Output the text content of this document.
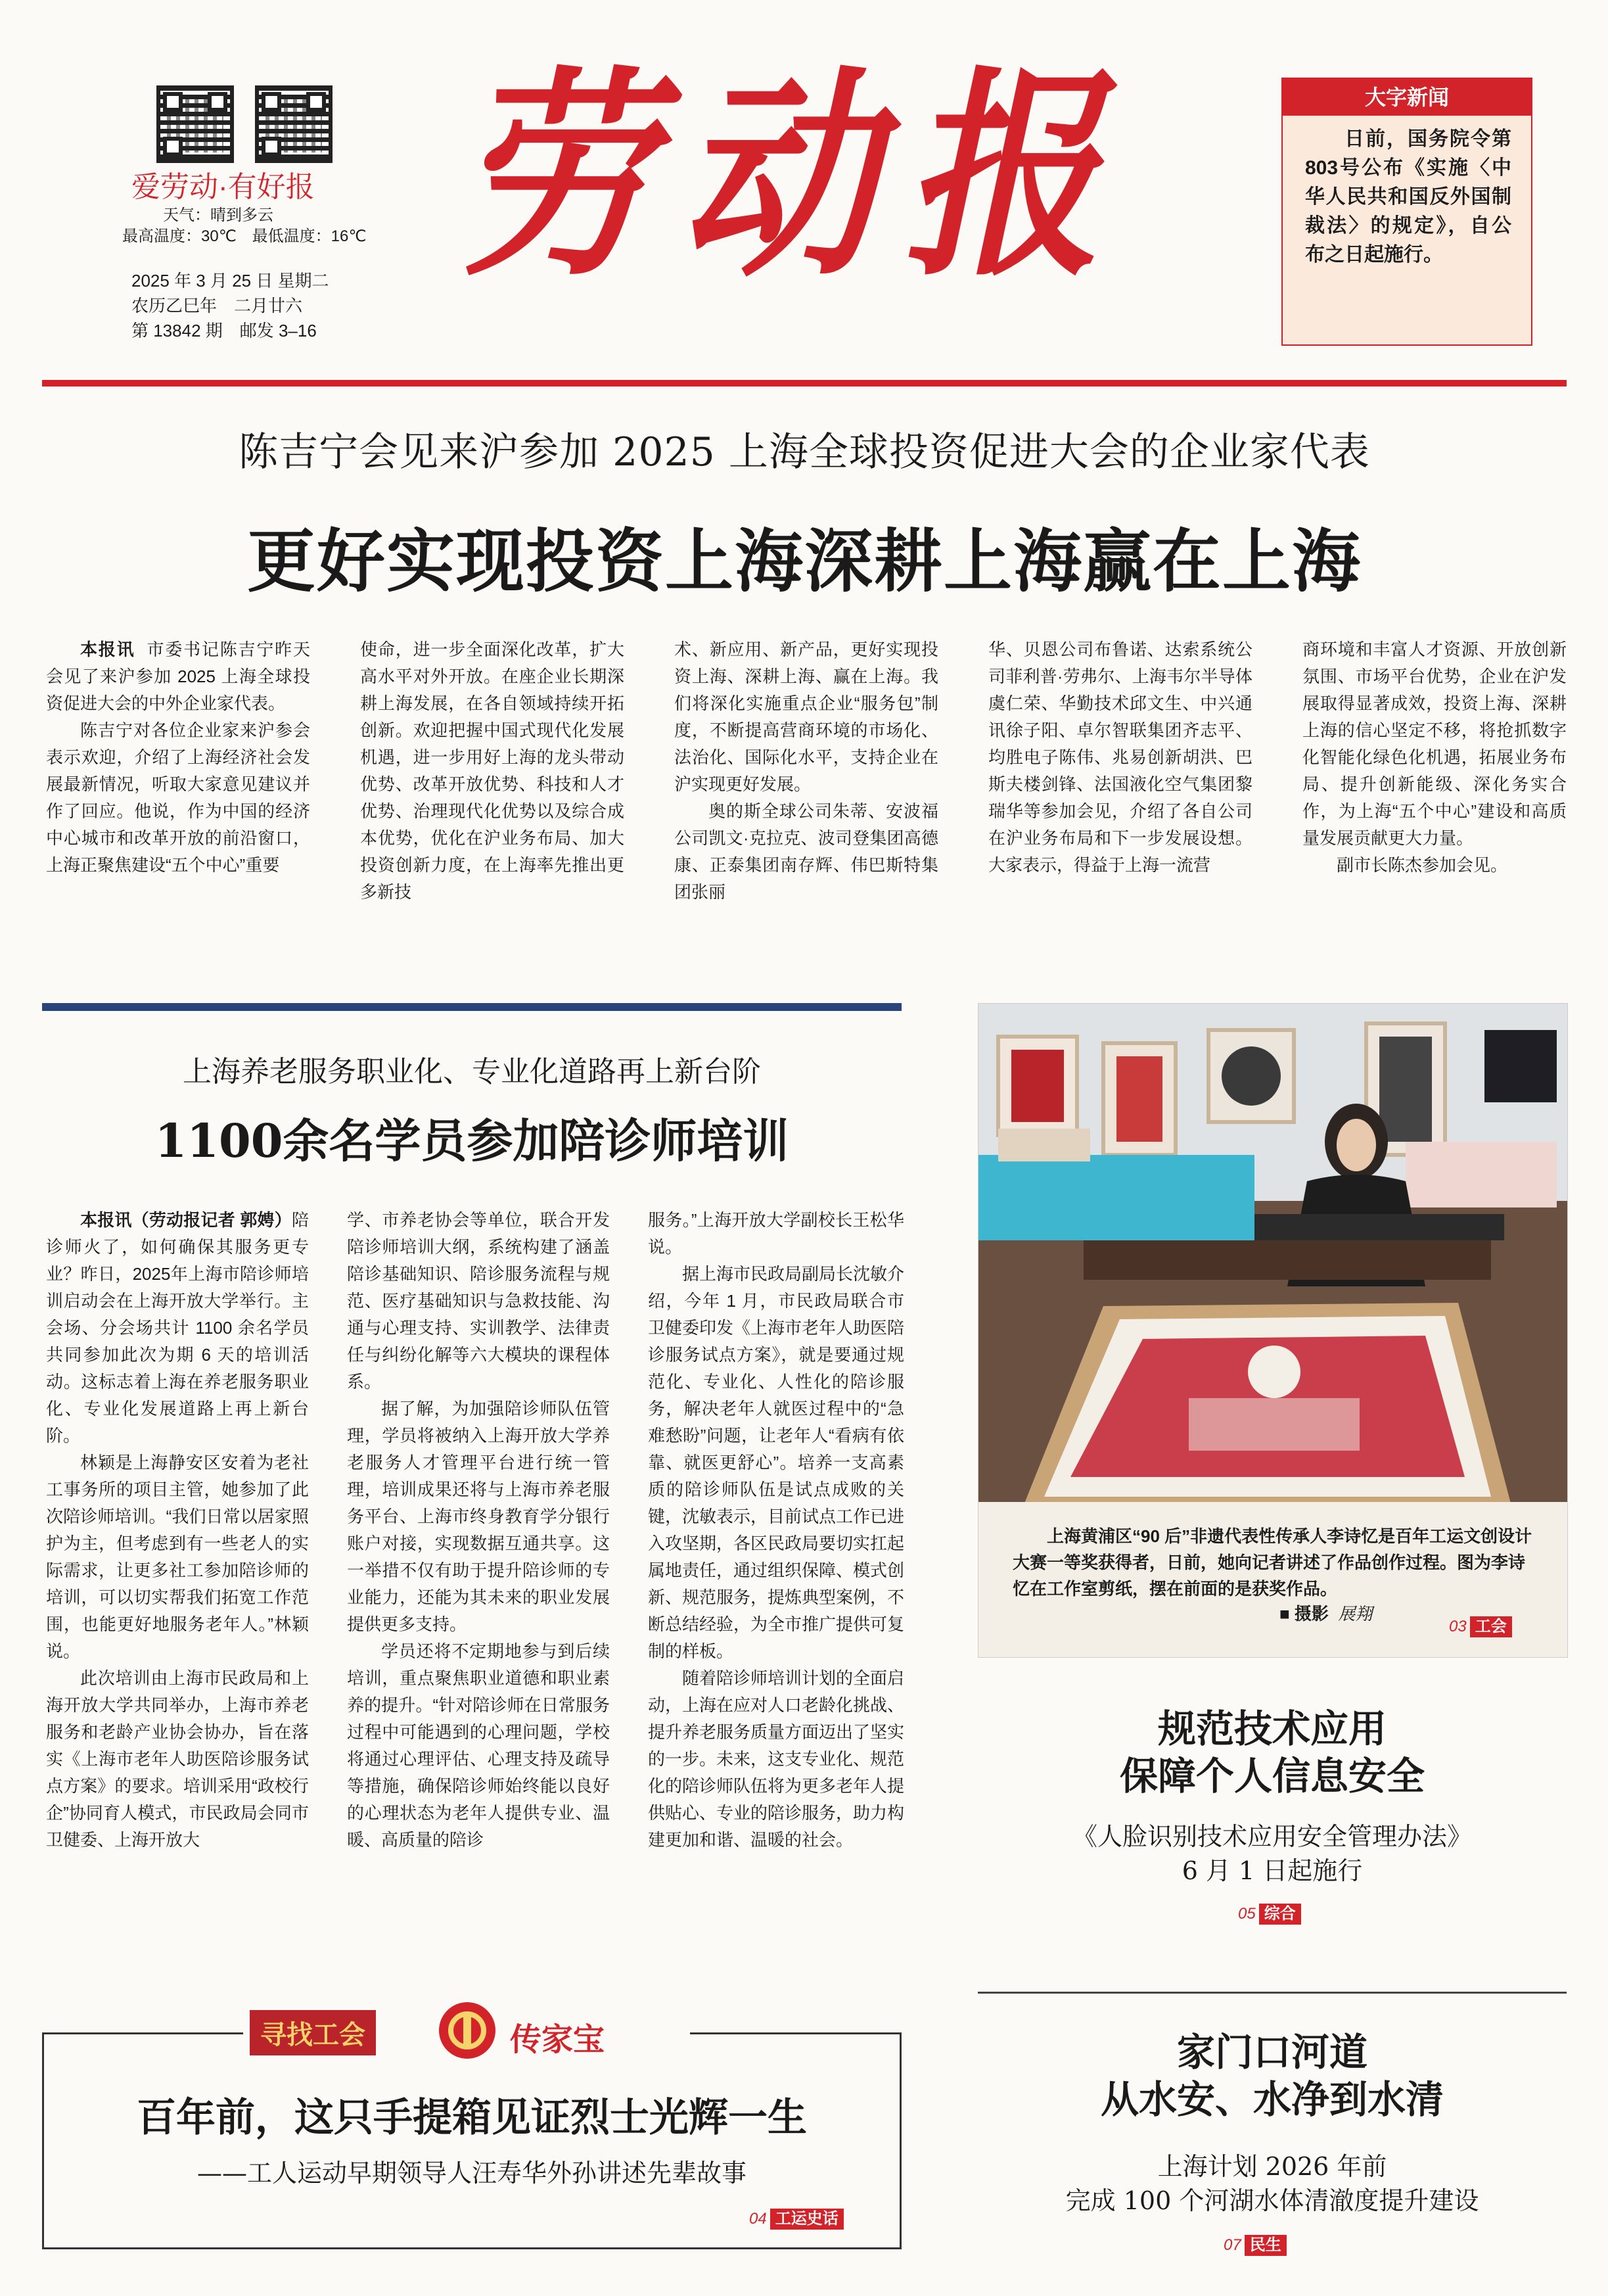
爱劳动·有好报
天气：晴到多云
最高温度：30℃　最低温度：16℃
2025 年 3 月 25 日 星期二
农历乙巳年　二月廿六
第 13842 期　邮发 3–16
劳动报	大字新闻
日前，国务院令第803号公布《实施〈中华人民共和国反外国制裁法〉的规定》，自公布之日起施行。
陈吉宁会见来沪参加 2025 上海全球投资促进大会的企业家代表
更好实现投资上海深耕上海赢在上海

本报讯 市委书记陈吉宁昨天会见了来沪参加 2025 上海全球投资促进大会的中外企业家代表。

陈吉宁对各位企业家来沪参会表示欢迎，介绍了上海经济社会发展最新情况，听取大家意见建议并作了回应。他说，作为中国的经济中心城市和改革开放的前沿窗口，上海正聚焦建设“五个中心”重要

使命，进一步全面深化改革，扩大高水平对外开放。在座企业长期深耕上海发展，在各自领域持续开拓创新。欢迎把握中国式现代化发展机遇，进一步用好上海的龙头带动优势、改革开放优势、科技和人才优势、治理现代化优势以及综合成本优势，优化在沪业务布局、加大投资创新力度，在上海率先推出更多新技

术、新应用、新产品，更好实现投资上海、深耕上海、赢在上海。我们将深化实施重点企业“服务包”制度，不断提高营商环境的市场化、法治化、国际化水平，支持企业在沪实现更好发展。

奥的斯全球公司朱蒂、安波福公司凯文·克拉克、波司登集团高德康、正泰集团南存辉、伟巴斯特集团张丽

华、贝恩公司布鲁诺、达索系统公司菲利普·劳弗尔、上海韦尔半导体虞仁荣、华勤技术邱文生、中兴通讯徐子阳、卓尔智联集团齐志平、均胜电子陈伟、兆易创新胡洪、巴斯夫楼剑锋、法国液化空气集团黎瑞华等参加会见，介绍了各自公司在沪业务布局和下一步发展设想。大家表示，得益于上海一流营

商环境和丰富人才资源、开放创新氛围、市场平台优势，企业在沪发展取得显著成效，投资上海、深耕上海的信心坚定不移，将抢抓数字化智能化绿色化机遇，拓展业务布局、提升创新能级、深化务实合作，为上海“五个中心”建设和高质量发展贡献更大力量。

副市长陈杰参加会见。

上海养老服务职业化、专业化道路再上新台阶
1100余名学员参加陪诊师培训

本报讯（劳动报记者 郭娉）陪诊师火了，如何确保其服务更专业？昨日，2025年上海市陪诊师培训启动会在上海开放大学举行。主会场、分会场共计 1100 余名学员共同参加此次为期 6 天的培训活动。这标志着上海在养老服务职业化、专业化发展道路上再上新台阶。

林颖是上海静安区安着为老社工事务所的项目主管，她参加了此次陪诊师培训。“我们日常以居家照护为主，但考虑到有一些老人的实际需求，让更多社工参加陪诊师的培训，可以切实帮我们拓宽工作范围，也能更好地服务老年人。”林颖说。

此次培训由上海市民政局和上海开放大学共同举办，上海市养老服务和老龄产业协会协办，旨在落实《上海市老年人助医陪诊服务试点方案》的要求。培训采用“政校行企”协同育人模式，市民政局会同市卫健委、上海开放大

学、市养老协会等单位，联合开发陪诊师培训大纲，系统构建了涵盖陪诊基础知识、陪诊服务流程与规范、医疗基础知识与急救技能、沟通与心理支持、实训教学、法律责任与纠纷化解等六大模块的课程体系。

据了解，为加强陪诊师队伍管理，学员将被纳入上海开放大学养老服务人才管理平台进行统一管理，培训成果还将与上海市养老服务平台、上海市终身教育学分银行账户对接，实现数据互通共享。这一举措不仅有助于提升陪诊师的专业能力，还能为其未来的职业发展提供更多支持。

学员还将不定期地参与到后续培训，重点聚焦职业道德和职业素养的提升。“针对陪诊师在日常服务过程中可能遇到的心理问题，学校将通过心理评估、心理支持及疏导等措施，确保陪诊师始终能以良好的心理状态为老年人提供专业、温暖、高质量的陪诊

服务。”上海开放大学副校长王松华说。

据上海市民政局副局长沈敏介绍，今年 1 月，市民政局联合市卫健委印发《上海市老年人助医陪诊服务试点方案》，就是要通过规范化、专业化、人性化的陪诊服务，解决老年人就医过程中的“急难愁盼”问题，让老年人“看病有依靠、就医更舒心”。培养一支高素质的陪诊师队伍是试点成败的关键，沈敏表示，目前试点工作已进入攻坚期，各区民政局要切实扛起属地责任，通过组织保障、模式创新、规范服务，提炼典型案例，不断总结经验，为全市推广提供可复制的样板。

随着陪诊师培训计划的全面启动，上海在应对人口老龄化挑战、提升养老服务质量方面迈出了坚实的一步。未来，这支专业化、规范化的陪诊师队伍将为更多老年人提供贴心、专业的陪诊服务，助力构建更加和谐、温暖的社会。

上海黄浦区“90 后”非遗代表性传承人李诗忆是百年工运文创设计大赛一等奖获得者，日前，她向记者讲述了作品创作过程。图为李诗忆在工作室剪纸，摆在前面的是获奖作品。
■ 摄影 展翔
03 工会
规范技术应用
保障个人信息安全
《人脸识别技术应用安全管理办法》
6 月 1 日起施行
05 综合
家门口河道
从水安、水净到水清
上海计划 2026 年前
完成 100 个河湖水体清澈度提升建设
07 民生
寻找工会	传家宝
百年前，这只手提箱见证烈士光辉一生
——工人运动早期领导人汪寿华外孙讲述先辈故事
04 工运史话
